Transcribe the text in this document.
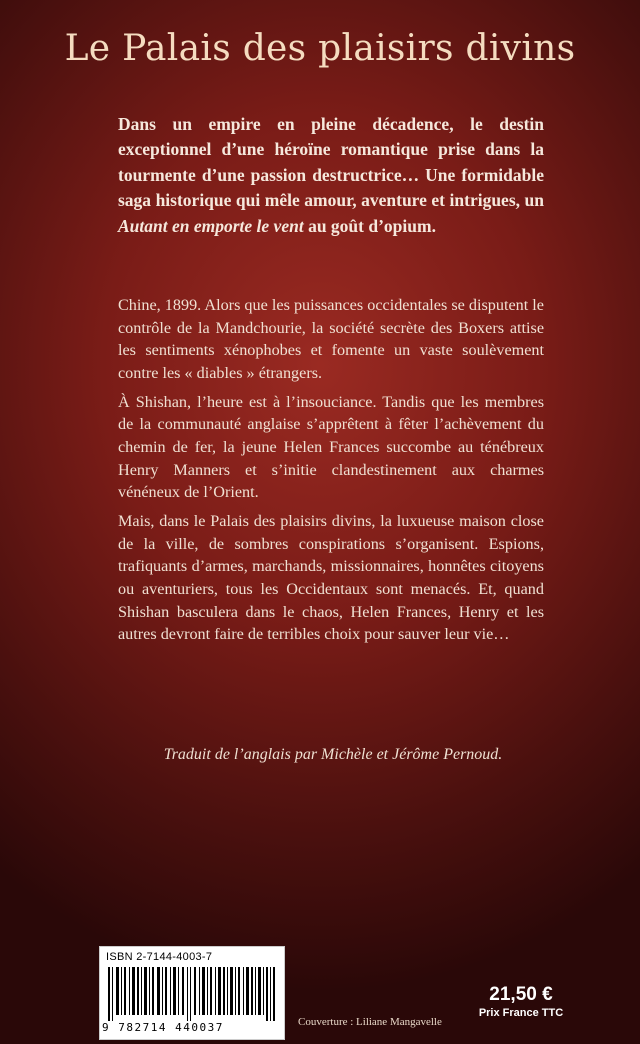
Le Palais des plaisirs divins
Dans un empire en pleine décadence, le destin exceptionnel d’une héroïne romantique prise dans la tourmente d’une passion destructrice… Une formidable saga historique qui mêle amour, aventure et intrigues, un Autant en emporte le vent au goût d’opium.

Chine, 1899. Alors que les puissances occidentales se disputent le contrôle de la Mandchourie, la société secrète des Boxers attise les sentiments xénophobes et fomente un vaste soulèvement contre les « diables » étrangers.

À Shishan, l’heure est à l’insouciance. Tandis que les membres de la communauté anglaise s’apprêtent à fêter l’achèvement du chemin de fer, la jeune Helen Frances succombe au ténébreux Henry Manners et s’initie clandestinement aux charmes vénéneux de l’Orient.

Mais, dans le Palais des plaisirs divins, la luxueuse maison close de la ville, de sombres conspirations s’organisent. Espions, trafiquants d’armes, marchands, missionnaires, honnêtes citoyens ou aventuriers, tous les Occidentaux sont menacés. Et, quand Shishan basculera dans le chaos, Helen Frances, Henry et les autres devront faire de terribles choix pour sauver leur vie…

Traduit de l’anglais par Michèle et Jérôme Pernoud.
ISBN 2-7144-4003-7
9 782714 440037	Couverture : Liliane Mangavelle
21,50 €
Prix France TTC
